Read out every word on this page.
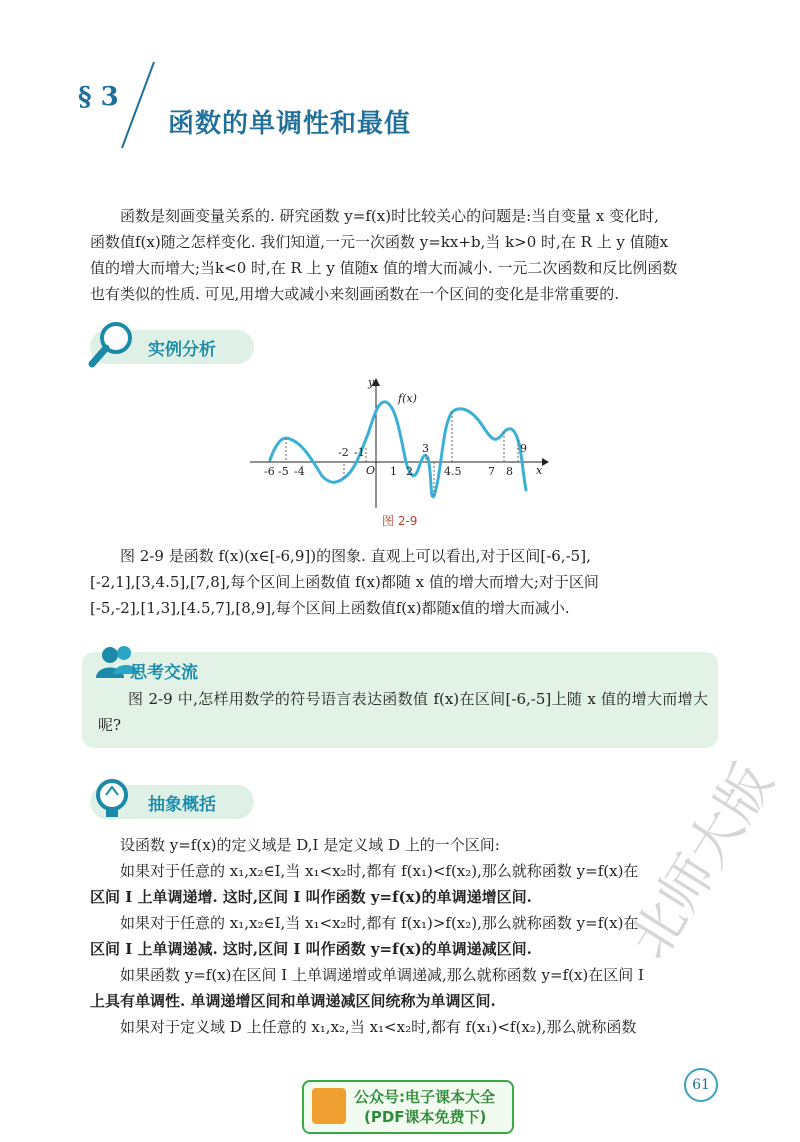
§ 3
函数的单调性和最值

函数是刻画变量关系的. 研究函数 y=f(x)时比较关心的问题是:当自变量 x 变化时,

函数值f(x)随之怎样变化. 我们知道,一元一次函数 y=kx+b,当 k>0 时,在 R 上 y 值随x

值的增大而增大;当k<0 时,在 R 上 y 值随x 值的增大而减小. 一元二次函数和反比例函数

也有类似的性质. 可见,用增大或减小来刻画函数在一个区间的变化是非常重要的.

实例分析
y
x
O
f(x)
-6 -5 -4	1 2	4.5 7 8
-2 -1	3	9
图 2-9

图 2-9 是函数 f(x)(x∈[-6,9])的图象. 直观上可以看出,对于区间[-6,-5],

[-2,1],[3,4.5],[7,8],每个区间上函数值 f(x)都随 x 值的增大而增大;对于区间

[-5,-2],[1,3],[4.5,7],[8,9],每个区间上函数值f(x)都随x值的增大而减小.

思考交流
图 2-9 中,怎样用数学的符号语言表达函数值 f(x)在区间[-6,-5]上随 x 值的增大而增大呢?
抽象概括

设函数 y=f(x)的定义域是 D,I 是定义域 D 上的一个区间:

如果对于任意的 x₁,x₂∈I,当 x₁<x₂时,都有 f(x₁)<f(x₂),那么就称函数 y=f(x)在

区间 I 上单调递增. 这时,区间 I 叫作函数 y=f(x)的单调递增区间.

如果对于任意的 x₁,x₂∈I,当 x₁<x₂时,都有 f(x₁)>f(x₂),那么就称函数 y=f(x)在

区间 I 上单调递减. 这时,区间 I 叫作函数 y=f(x)的单调递减区间.

如果函数 y=f(x)在区间 I 上单调递增或单调递减,那么就称函数 y=f(x)在区间 I

上具有单调性. 单调递增区间和单调递减区间统称为单调区间.

如果对于定义域 D 上任意的 x₁,x₂,当 x₁<x₂时,都有 f(x₁)<f(x₂),那么就称函数

北师大版
61
公众号:电子课本大全
(PDF课本免费下)
